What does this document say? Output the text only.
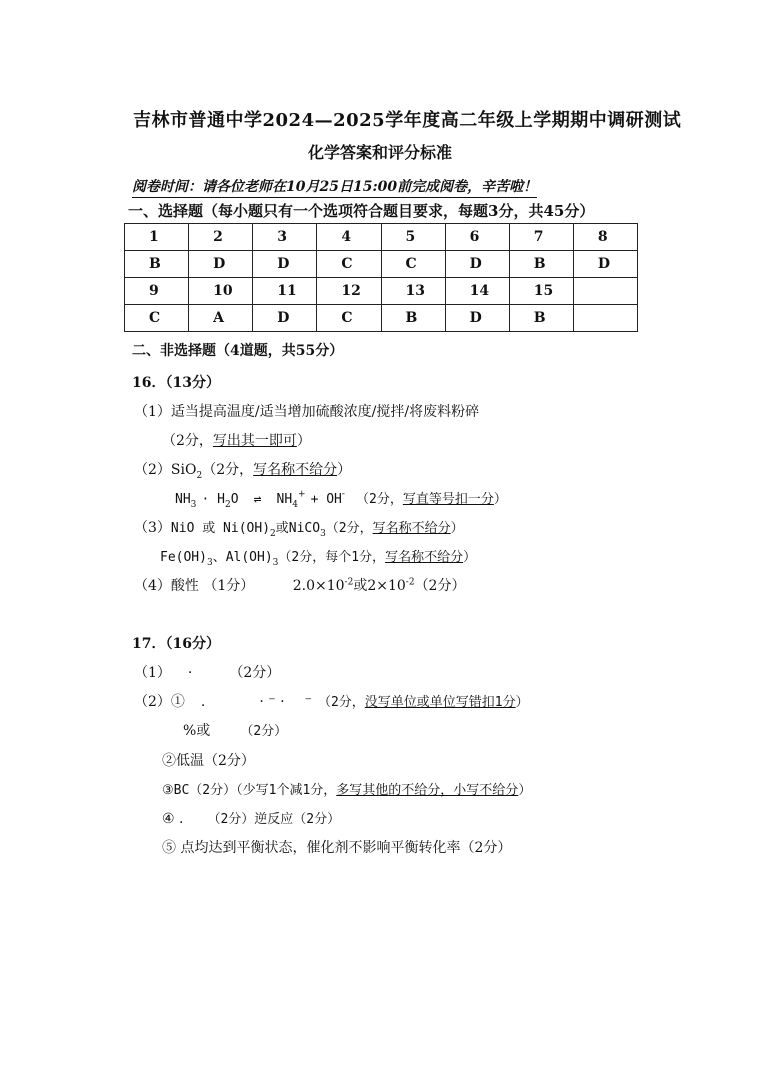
吉林市普通中学2024—2025学年度高二年级上学期期中调研测试
化学答案和评分标准
阅卷时间：请各位老师在10月25日15:00前完成阅卷，辛苦啦！
一、选择题（每小题只有一个选项符合题目要求，每题3分，共45分）
1	2	3	4	5	6	7	8
B	D	D	C	C	D	B	D
9	10	11	12	13	14	15	
C	A	D	C	B	D	B	
二、非选择题（4道题，共55分）
16．（13分）
（1）适当提高温度/适当增加硫酸浓度/搅拌/将废料粉碎
（2分，写出其一即可）
（2）SiO$_2$（2分，写名称不给分）
$NH_3 \cdot H_2O$ ⇌ $NH_4^+ + OH^-$ （2分，写直等号扣一分）
（3）NiO 或 $Ni(OH)_2$或NiCO$_3$（2分，写名称不给分）
$Fe(OH)_3$、$Al(OH)_3(2$分，每个1分，写名称不给分）
（4）酸性 （1分）	$2.0\times 10^{-2}$或$2\times 10^{-2}(2$分）
17．（16分）
（1） ·	（2分）
（2）① .	· ⁻ · ⁻ （2分，没写单位或单位写错扣1分）
%或 （2分）
②低温（2分）
③BC（2分）（少写1个减1分，多写其他的不给分，小写不给分）
④ . （2分）逆反应（2分）
⑤ 点均达到平衡状态，催化剂不影响平衡转化率（2分）
